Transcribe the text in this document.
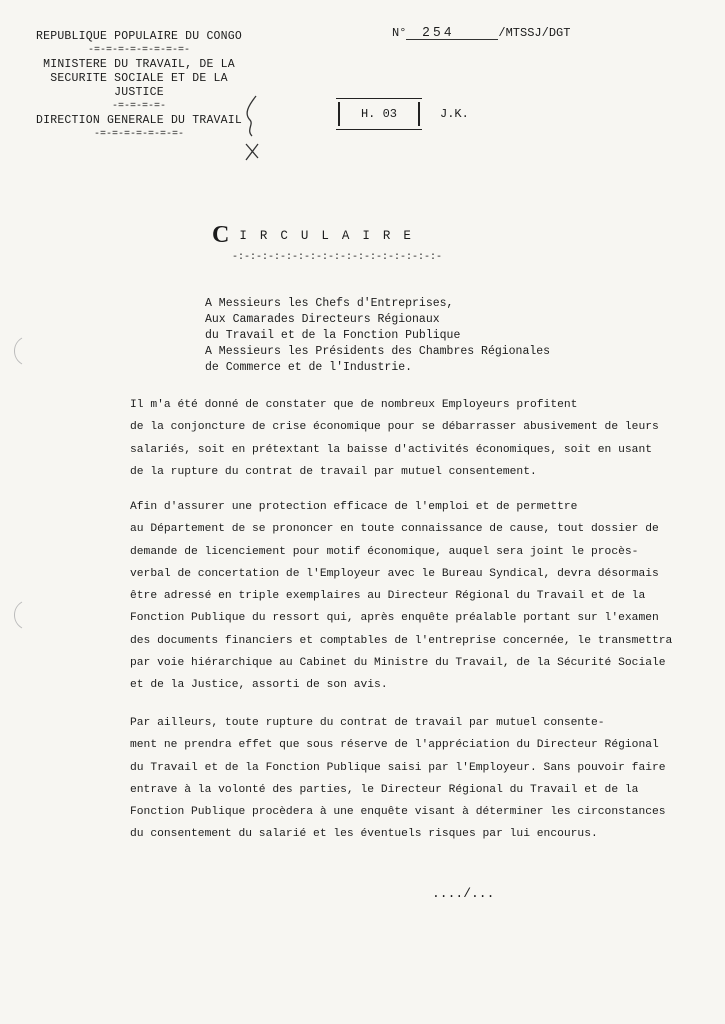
REPUBLIQUE POPULAIRE DU CONGO
-=-=-=-=-=-=-=-=-
MINISTERE DU TRAVAIL, DE LA
SECURITE SOCIALE ET DE LA
JUSTICE
-=-=-=-=-
DIRECTION GENERALE DU TRAVAIL
-=-=-=-=-=-=-=-
N° 2 5 4	/MTSSJ/DGT
H. 03	J.K.
CIRCULAIRE
-:-:-:-:-:-:-:-:-:-:-:-:-:-:-:-:-:-
A Messieurs les Chefs d'Entreprises,
Aux Camarades Directeurs Régionaux
du Travail et de la Fonction Publique
A Messieurs les Présidents des Chambres Régionales
de Commerce et de l'Industrie.
Il m'a été donné de constater que de nombreux Employeurs profitent
de la conjoncture de crise économique pour se débarrasser abusivement de leurs
salariés, soit en prétextant la baisse d'activités économiques, soit en usant
de la rupture du contrat de travail par mutuel consentement.
Afin d'assurer une protection efficace de l'emploi et de permettre
au Département de se prononcer en toute connaissance de cause, tout dossier de
demande de licenciement pour motif économique, auquel sera joint le procès-
verbal de concertation de l'Employeur avec le Bureau Syndical, devra désormais
être adressé en triple exemplaires au Directeur Régional du Travail et de la
Fonction Publique du ressort qui, après enquête préalable portant sur l'examen
des documents financiers et comptables de l'entreprise concernée, le transmettra
par voie hiérarchique au Cabinet du Ministre du Travail, de la Sécurité Sociale
et de la Justice, assorti de son avis.
Par ailleurs, toute rupture du contrat de travail par mutuel consente-
ment ne prendra effet que sous réserve de l'appréciation du Directeur Régional
du Travail et de la Fonction Publique saisi par l'Employeur. Sans pouvoir faire
entrave à la volonté des parties, le Directeur Régional du Travail et de la
Fonction Publique procèdera à une enquête visant à déterminer les circonstances
du consentement du salarié et les éventuels risques par lui encourus.
..../...
